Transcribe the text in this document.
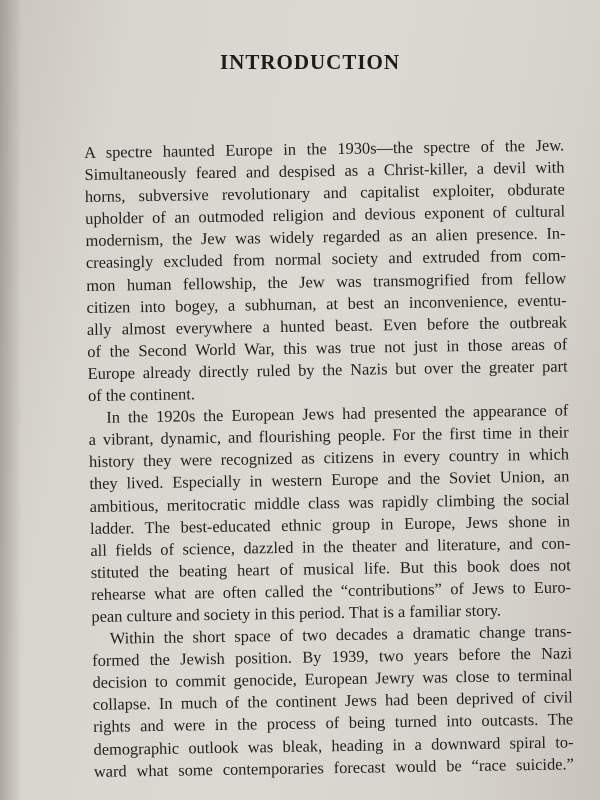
INTRODUCTION
A spectre haunted Europe in the 1930s—the spectre of the Jew.
Simultaneously feared and despised as a Christ-killer, a devil with
horns, subversive revolutionary and capitalist exploiter, obdurate
upholder of an outmoded religion and devious exponent of cultural
modernism, the Jew was widely regarded as an alien presence. In-
creasingly excluded from normal society and extruded from com-
mon human fellowship, the Jew was transmogrified from fellow
citizen into bogey, a subhuman, at best an inconvenience, eventu-
ally almost everywhere a hunted beast. Even before the outbreak
of the Second World War, this was true not just in those areas of
Europe already directly ruled by the Nazis but over the greater part
of the continent.
In the 1920s the European Jews had presented the appearance of
a vibrant, dynamic, and flourishing people. For the first time in their
history they were recognized as citizens in every country in which
they lived. Especially in western Europe and the Soviet Union, an
ambitious, meritocratic middle class was rapidly climbing the social
ladder. The best-educated ethnic group in Europe, Jews shone in
all fields of science, dazzled in the theater and literature, and con-
stituted the beating heart of musical life. But this book does not
rehearse what are often called the “contributions” of Jews to Euro-
pean culture and society in this period. That is a familiar story.
Within the short space of two decades a dramatic change trans-
formed the Jewish position. By 1939, two years before the Nazi
decision to commit genocide, European Jewry was close to terminal
collapse. In much of the continent Jews had been deprived of civil
rights and were in the process of being turned into outcasts. The
demographic outlook was bleak, heading in a downward spiral to-
ward what some contemporaries forecast would be “race suicide.”
